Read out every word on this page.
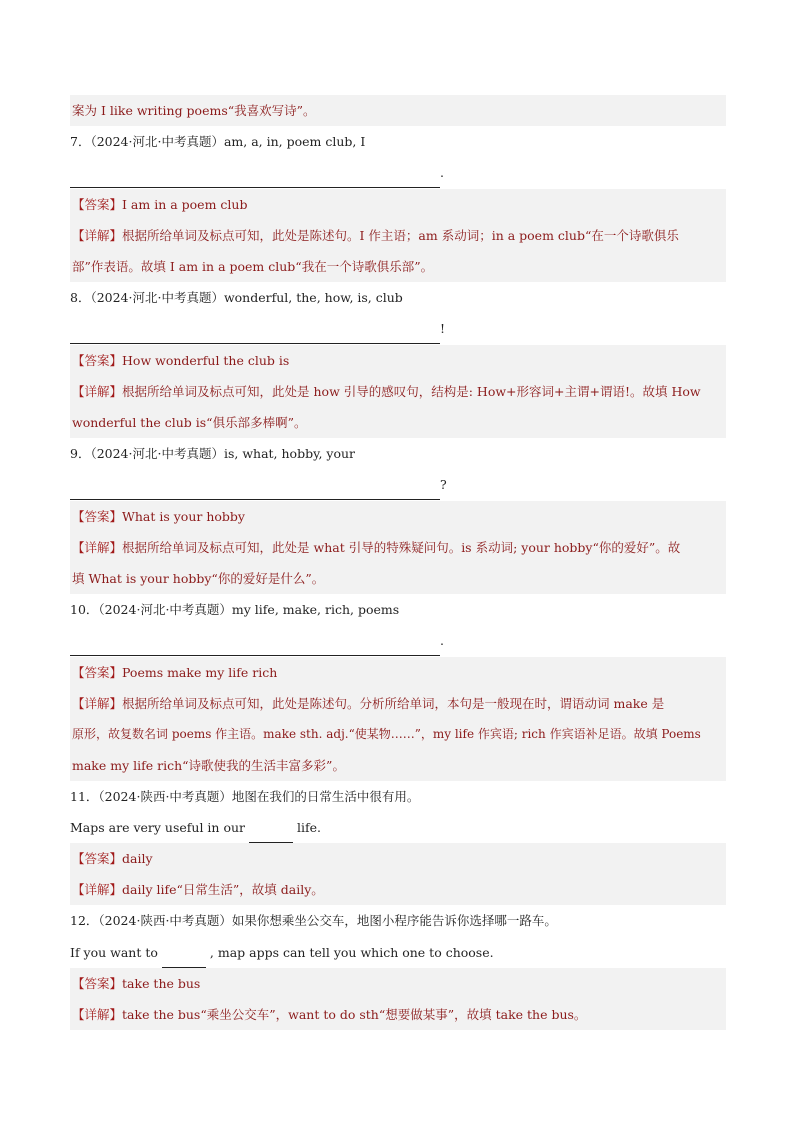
案为 I like writing poems“我喜欢写诗”。
7．（2024·河北·中考真题）am, a, in, poem club, I
.
【答案】I am in a poem club
【详解】根据所给单词及标点可知，此处是陈述句。I 作主语；am 系动词；in a poem club“在一个诗歌俱乐
部”作表语。故填 I am in a poem club“我在一个诗歌俱乐部”。
8．（2024·河北·中考真题）wonderful, the, how, is, club
!
【答案】How wonderful the club is
【详解】根据所给单词及标点可知，此处是 how 引导的感叹句，结构是: How+形容词+主谓+谓语!。故填 How
wonderful the club is“俱乐部多棒啊”。
9．（2024·河北·中考真题）is, what, hobby, your
?
【答案】What is your hobby
【详解】根据所给单词及标点可知，此处是 what 引导的特殊疑问句。is 系动词; your hobby“你的爱好”。故
填 What is your hobby“你的爱好是什么”。
10．（2024·河北·中考真题）my life, make, rich, poems
.
【答案】Poems make my life rich
【详解】根据所给单词及标点可知，此处是陈述句。分析所给单词，本句是一般现在时，谓语动词 make 是
原形，故复数名词 poems 作主语。make sth. adj.“使某物……”，my life 作宾语; rich 作宾语补足语。故填 Poems
make my life rich“诗歌使我的生活丰富多彩”。
11．（2024·陕西·中考真题）地图在我们的日常生活中很有用。
Maps are very useful in our	life.
【答案】daily
【详解】daily life“日常生活”，故填 daily。
12．（2024·陕西·中考真题）如果你想乘坐公交车，地图小程序能告诉你选择哪一路车。
If you want to	, map apps can tell you which one to choose.
【答案】take the bus
【详解】take the bus“乘坐公交车”，want to do sth“想要做某事”，故填 take the bus。
